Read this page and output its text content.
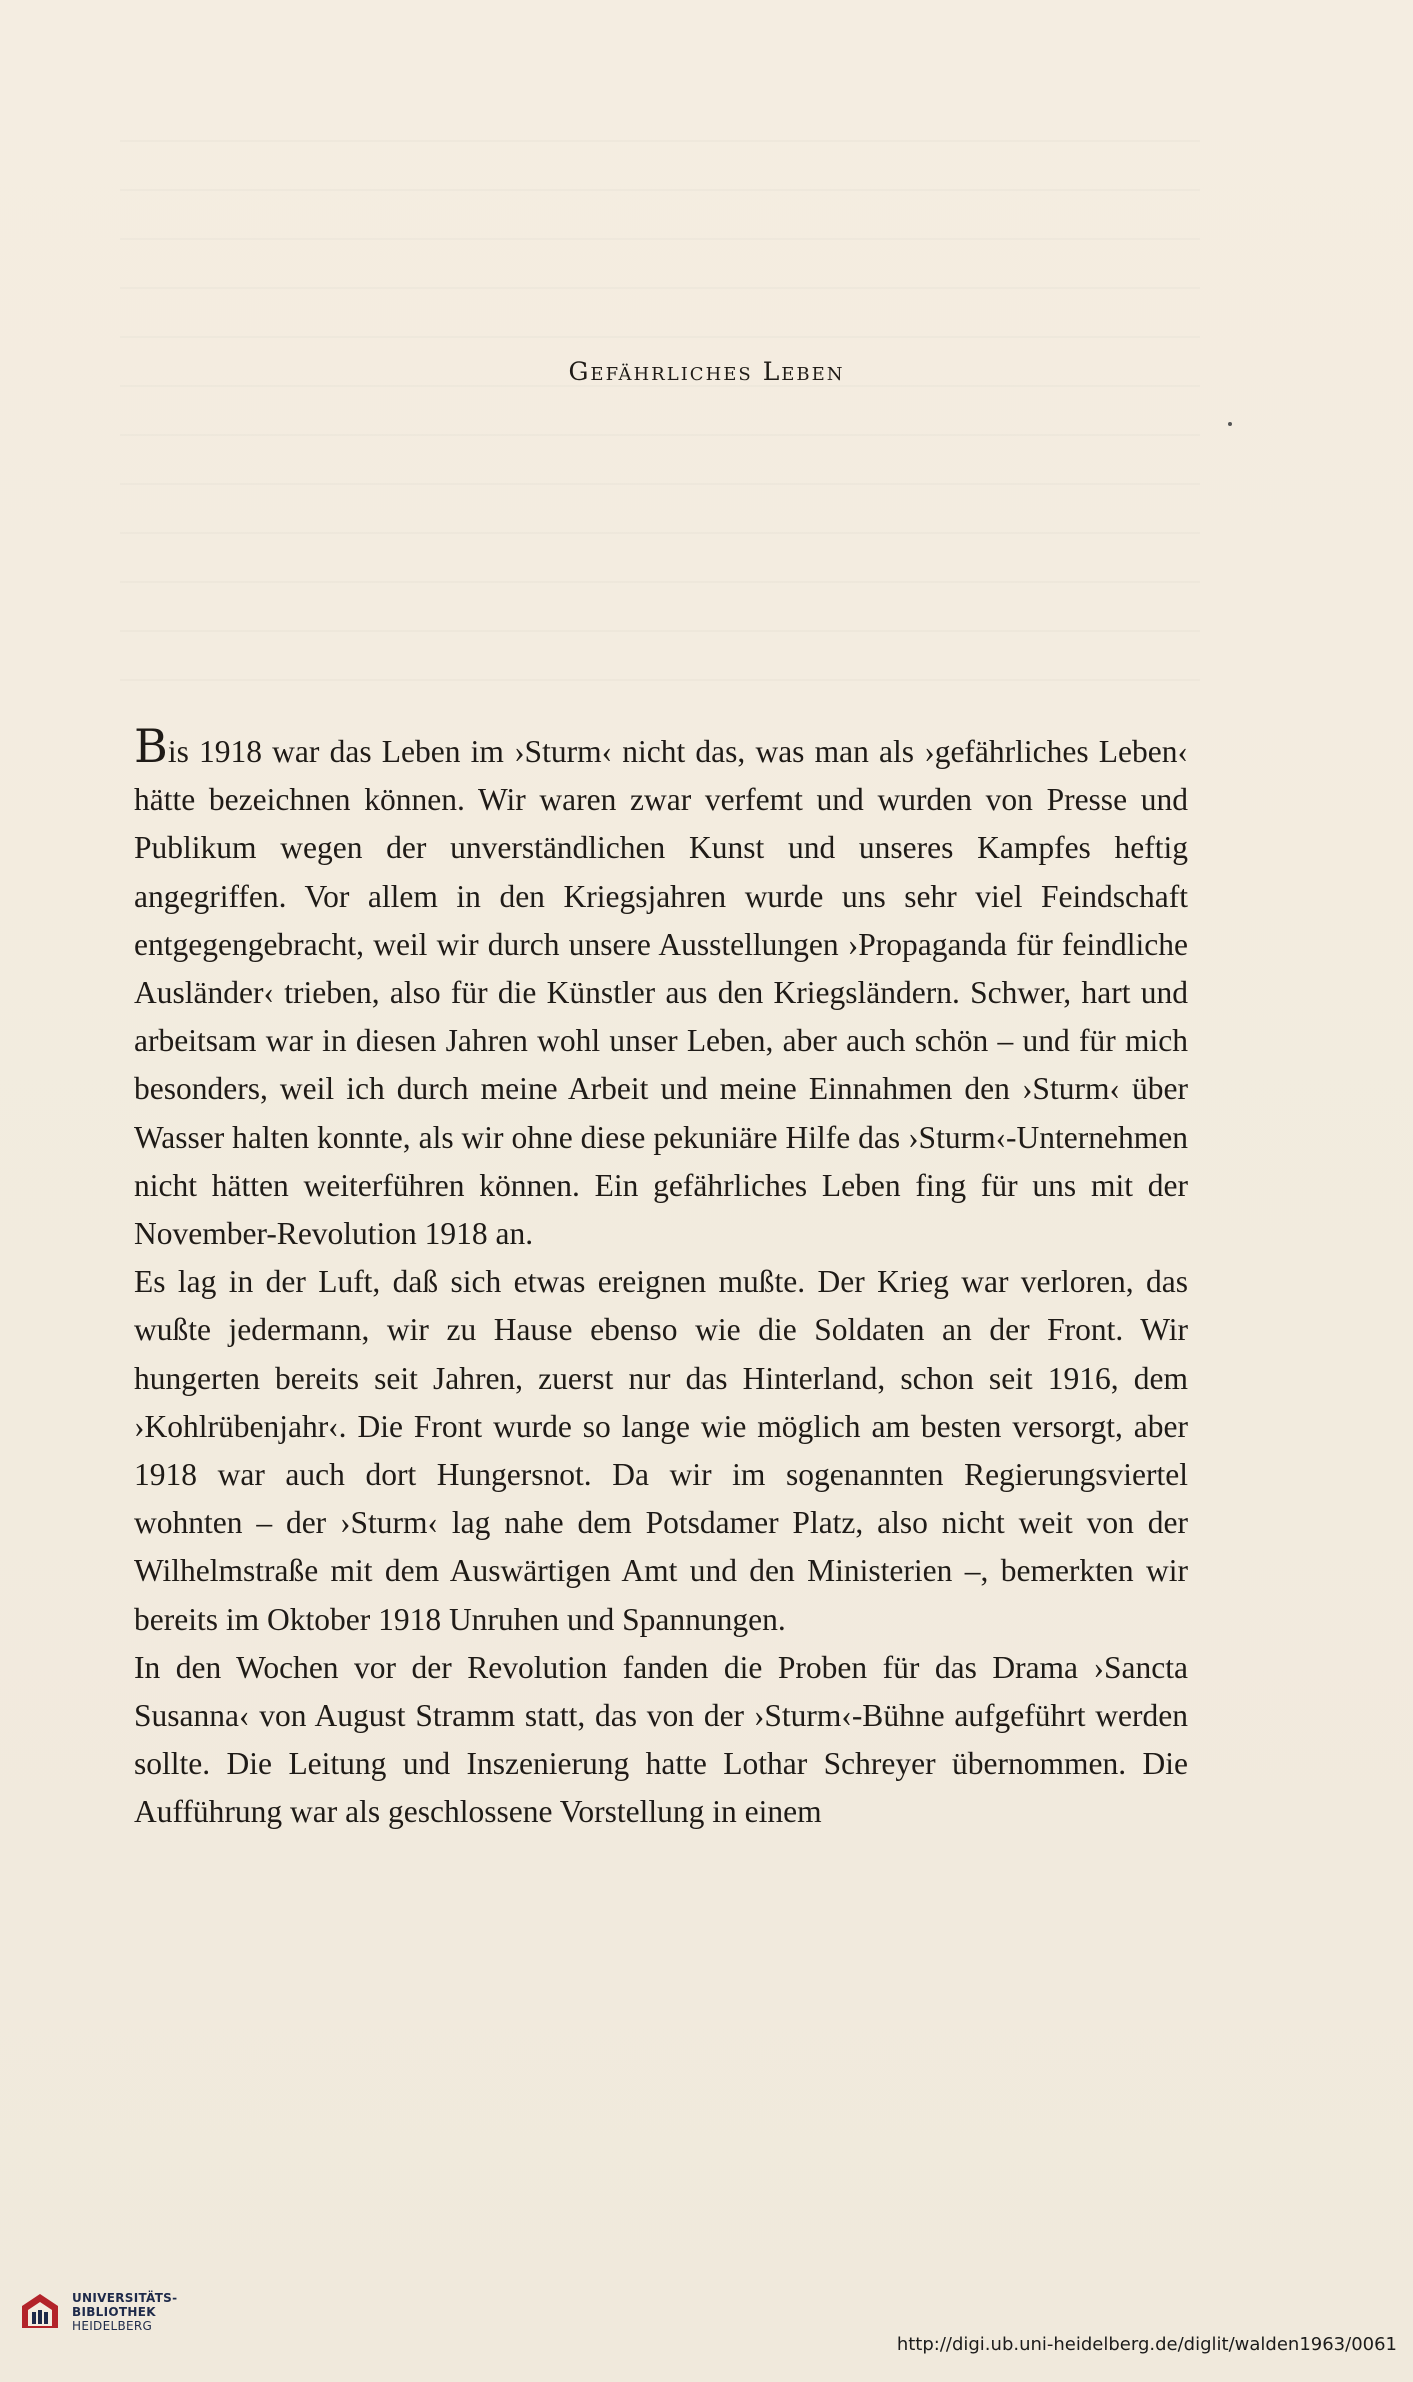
Gefährliches Leben

Bis 1918 war das Leben im ›Sturm‹ nicht das, was man als ›gefährliches Leben‹ hätte bezeichnen können. Wir waren zwar verfemt und wurden von Presse und Publikum wegen der unverständlichen Kunst und unseres Kampfes heftig angegriffen. Vor allem in den Kriegsjahren wurde uns sehr viel Feindschaft entgegengebracht, weil wir durch unsere Ausstellungen ›Propaganda für feindliche Ausländer‹ trieben, also für die Künstler aus den Kriegsländern. Schwer, hart und arbeitsam war in diesen Jahren wohl unser Leben, aber auch schön – und für mich besonders, weil ich durch meine Arbeit und meine Einnahmen den ›Sturm‹ über Wasser halten konnte, als wir ohne diese pekuniäre Hilfe das ›Sturm‹-Unternehmen nicht hätten weiterführen können. Ein gefährliches Leben fing für uns mit der November-Revolution 1918 an.

Es lag in der Luft, daß sich etwas ereignen mußte. Der Krieg war verloren, das wußte jedermann, wir zu Hause ebenso wie die Soldaten an der Front. Wir hungerten bereits seit Jahren, zuerst nur das Hinterland, schon seit 1916, dem ›Kohlrübenjahr‹. Die Front wurde so lange wie möglich am besten versorgt, aber 1918 war auch dort Hungersnot. Da wir im sogenannten Regierungsviertel wohnten – der ›Sturm‹ lag nahe dem Potsdamer Platz, also nicht weit von der Wilhelmstraße mit dem Auswärtigen Amt und den Ministerien –, bemerkten wir bereits im Oktober 1918 Unruhen und Spannungen.

In den Wochen vor der Revolution fanden die Proben für das Drama ›Sancta Susanna‹ von August Stramm statt, das von der ›Sturm‹-Bühne aufgeführt werden sollte. Die Leitung und Inszenierung hatte Lothar Schreyer übernommen. Die Aufführung war als geschlossene Vorstellung in einem

UNIVERSITÄTS-
BIBLIOTHEK
HEIDELBERG
http://digi.ub.uni-heidelberg.de/diglit/walden1963/0061
